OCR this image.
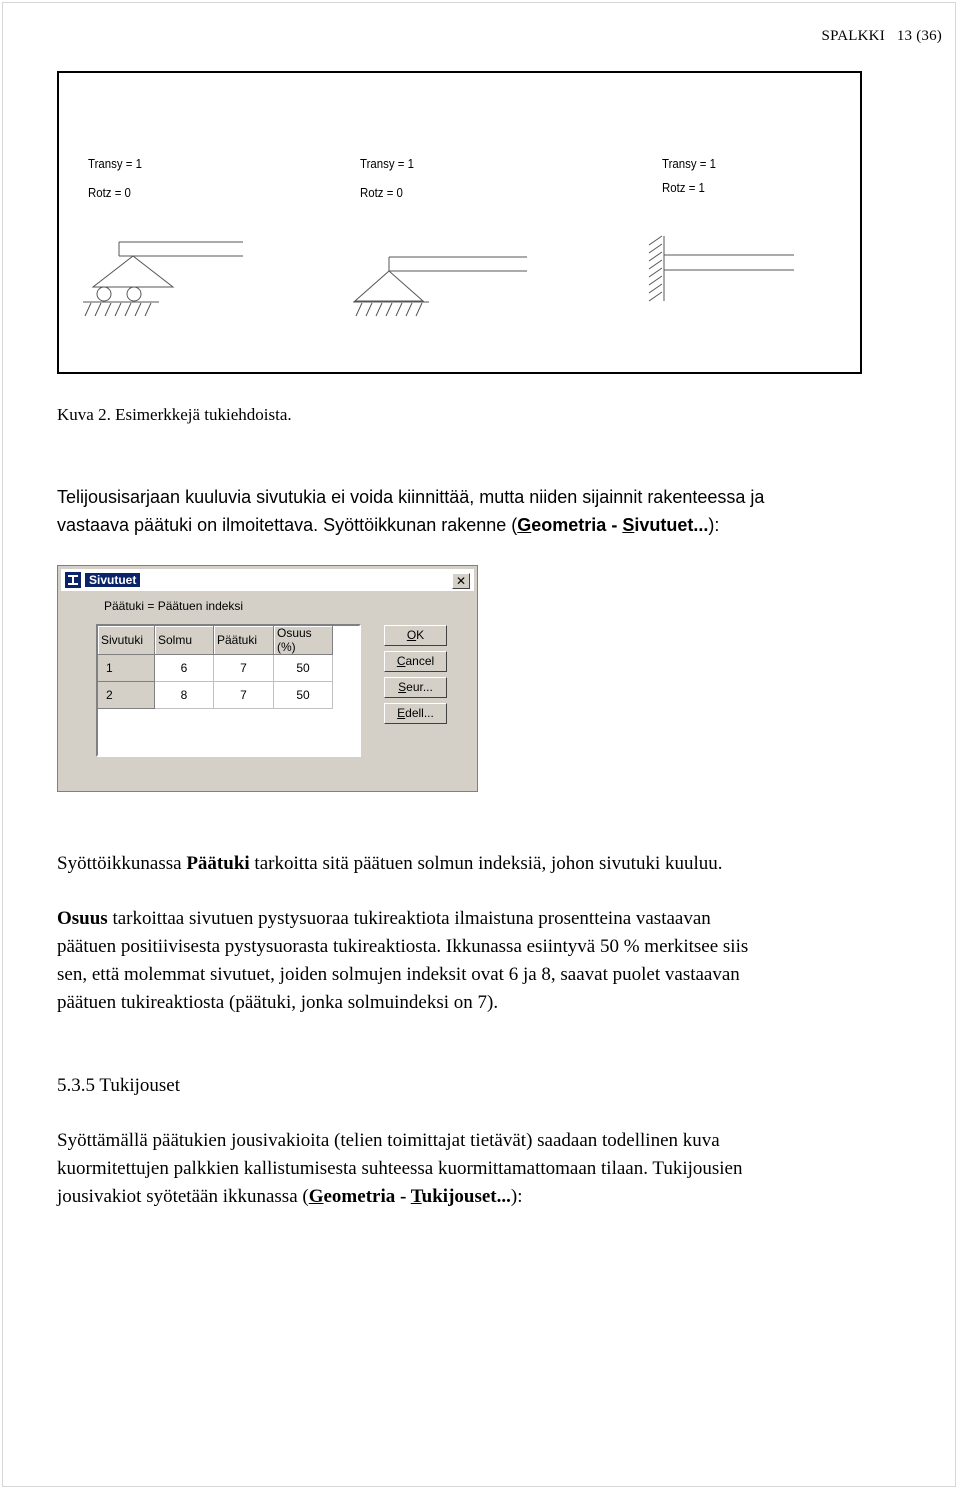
SPALKKI 13 (36)
Transy = 1
Rotz = 0
Transy = 1
Rotz = 0
Transy = 1
Rotz = 1
Kuva 2. Esimerkkejä tukiehdoista.
Telijousisarjaan kuuluvia sivutukia ei voida kiinnittää, mutta niiden sijainnit rakenteessa ja
vastaava päätuki on ilmoitettava. Syöttöikkunan rakenne (Geometria - Sivutuet...):
Sivutuet	✕
Päätuki = Päätuen indeksi
Sivutuki	Solmu	Päätuki	Osuus (%)
1	6	7	50
2	8	7	50
OK
Cancel
Seur...
Edell...
Syöttöikkunassa Päätuki tarkoitta sitä päätuen solmun indeksiä, johon sivutuki kuuluu.
Osuus tarkoittaa sivutuen pystysuoraa tukireaktiota ilmaistuna prosentteina vastaavan
päätuen positiivisesta pystysuorasta tukireaktiosta. Ikkunassa esiintyvä 50 % merkitsee siis
sen, että molemmat sivutuet, joiden solmujen indeksit ovat 6 ja 8, saavat puolet vastaavan
päätuen tukireaktiosta (päätuki, jonka solmuindeksi on 7).
5.3.5 Tukijouset
Syöttämällä päätukien jousivakioita (telien toimittajat tietävät) saadaan todellinen kuva
kuormitettujen palkkien kallistumisesta suhteessa kuormittamattomaan tilaan. Tukijousien
jousivakiot syötetään ikkunassa (Geometria - Tukijouset...):
